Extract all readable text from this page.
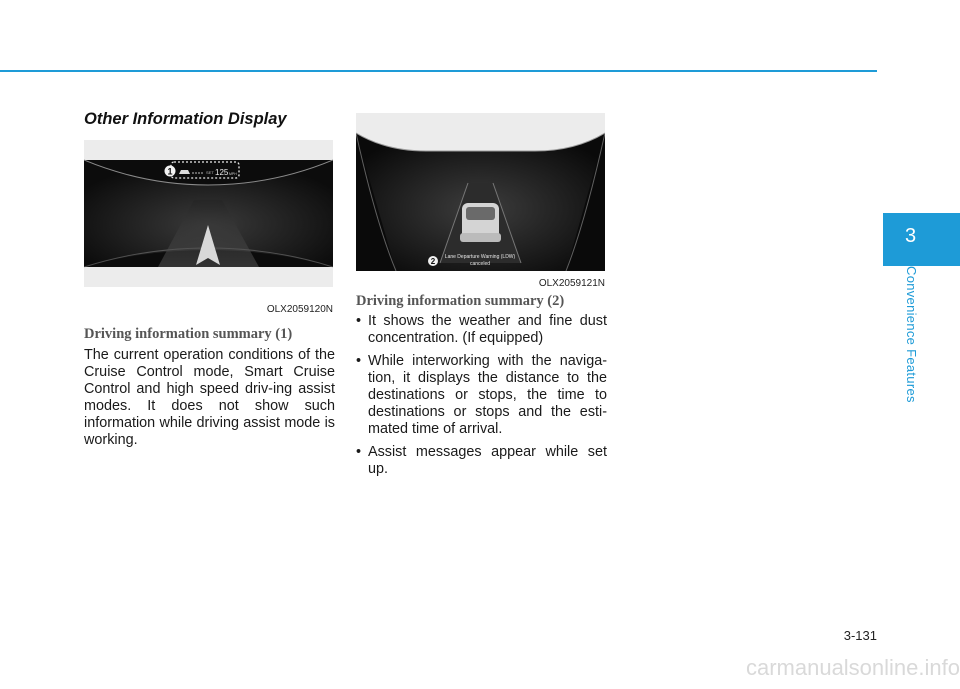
Other Information Display
SET 125 MPH
1
OLX2059120N
2 Lane Departure Warning (LDW)
canceled
OLX2059121N
Driving information summary (1)

The current operation conditions of the Cruise Control mode, Smart Cruise Control and high speed driv-ing assist modes. It does not show such information while driving assist mode is working.

Driving information summary (2)
• It shows the weather and fine dust concentration. (If equipped)
• While interworking with the naviga-tion, it displays the distance to the destinations or stops, the time to destinations or stops and the esti-mated time of arrival.
• Assist messages appear while set up.
3
Convenience Features
3-131
carmanualsonline.info
